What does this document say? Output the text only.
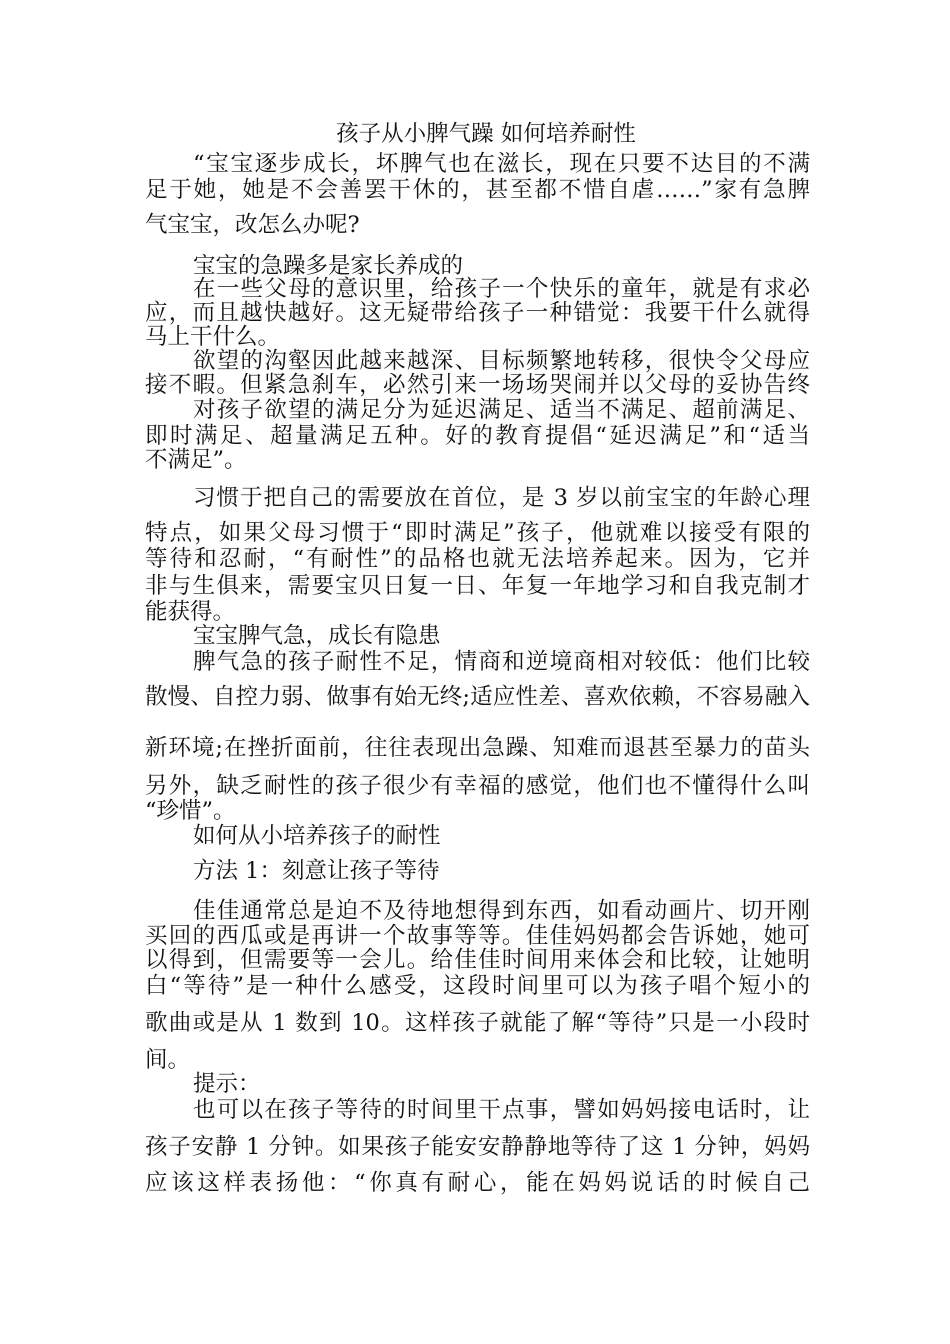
孩子从小脾气躁 如何培养耐性
“宝宝逐步成长，坏脾气也在滋长，现在只要不达目的不满
足于她，她是不会善罢干休的，甚至都不惜自虐……”家有急脾
气宝宝，改怎么办呢?
宝宝的急躁多是家长养成的
在一些父母的意识里，给孩子一个快乐的童年，就是有求必
应，而且越快越好。这无疑带给孩子一种错觉：我要干什么就得
马上干什么。
欲望的沟壑因此越来越深、目标频繁地转移，很快令父母应
接不暇。但紧急刹车，必然引来一场场哭闹并以父母的妥协告终
对孩子欲望的满足分为延迟满足、适当不满足、超前满足、
即时满足、超量满足五种。好的教育提倡“延迟满足”和“适当
不满足”。
习惯于把自己的需要放在首位，是 3 岁以前宝宝的年龄心理
特点，如果父母习惯于“即时满足”孩子，他就难以接受有限的
等待和忍耐，“有耐性”的品格也就无法培养起来。因为，它并
非与生俱来，需要宝贝日复一日、年复一年地学习和自我克制才
能获得。
宝宝脾气急，成长有隐患
脾气急的孩子耐性不足，情商和逆境商相对较低：他们比较
散慢、自控力弱、做事有始无终;适应性差、喜欢依赖，不容易融入
新环境;在挫折面前，往往表现出急躁、知难而退甚至暴力的苗头
另外，缺乏耐性的孩子很少有幸福的感觉，他们也不懂得什么叫
“珍惜”。
如何从小培养孩子的耐性
方法 1：刻意让孩子等待
佳佳通常总是迫不及待地想得到东西，如看动画片、切开刚
买回的西瓜或是再讲一个故事等等。佳佳妈妈都会告诉她，她可
以得到，但需要等一会儿。给佳佳时间用来体会和比较，让她明
白“等待”是一种什么感受，这段时间里可以为孩子唱个短小的
歌曲或是从 1 数到 10。这样孩子就能了解“等待”只是一小段时
间。
提示：
也可以在孩子等待的时间里干点事，譬如妈妈接电话时，让
孩子安静 1 分钟。如果孩子能安安静静地等待了这 1 分钟，妈妈
应该这样表扬他：“你真有耐心，能在妈妈说话的时候自己
